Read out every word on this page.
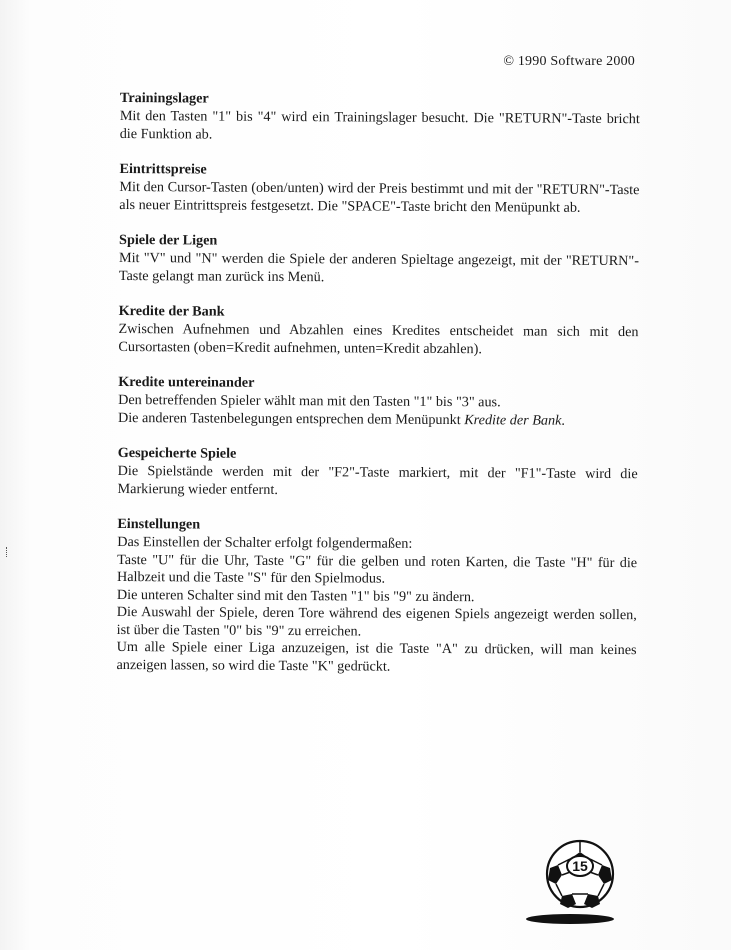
© 1990 Software 2000
Trainingslager

Mit den Tasten "1" bis "4" wird ein Trainingslager besucht. Die "RETURN"-Taste bricht die Funktion ab.

Eintrittspreise

Mit den Cursor-Tasten (oben/unten) wird der Preis bestimmt und mit der "RETURN"-Taste als neuer Eintrittspreis festgesetzt. Die "SPACE"-Taste bricht den Menüpunkt ab.

Spiele der Ligen

Mit "V" und "N" werden die Spiele der anderen Spieltage angezeigt, mit der "RETURN"-Taste gelangt man zurück ins Menü.

Kredite der Bank

Zwischen Aufnehmen und Abzahlen eines Kredites entscheidet man sich mit den Cursortasten (oben=Kredit aufnehmen, unten=Kredit abzahlen).

Kredite untereinander

Den betreffenden Spieler wählt man mit den Tasten "1" bis "3" aus.

Die anderen Tastenbelegungen entsprechen dem Menüpunkt Kredite der Bank.

Gespeicherte Spiele

Die Spielstände werden mit der "F2"-Taste markiert, mit der "F1"-Taste wird die Markierung wieder entfernt.

Einstellungen

Das Einstellen der Schalter erfolgt folgendermaßen:

Taste "U" für die Uhr, Taste "G" für die gelben und roten Karten, die Taste "H" für die Halbzeit und die Taste "S" für den Spielmodus.

Die unteren Schalter sind mit den Tasten "1" bis "9" zu ändern.

Die Auswahl der Spiele, deren Tore während des eigenen Spiels angezeigt werden sollen, ist über die Tasten "0" bis "9" zu erreichen.

Um alle Spiele einer Liga anzuzeigen, ist die Taste "A" zu drücken, will man keines anzeigen lassen, so wird die Taste "K" gedrückt.

15
